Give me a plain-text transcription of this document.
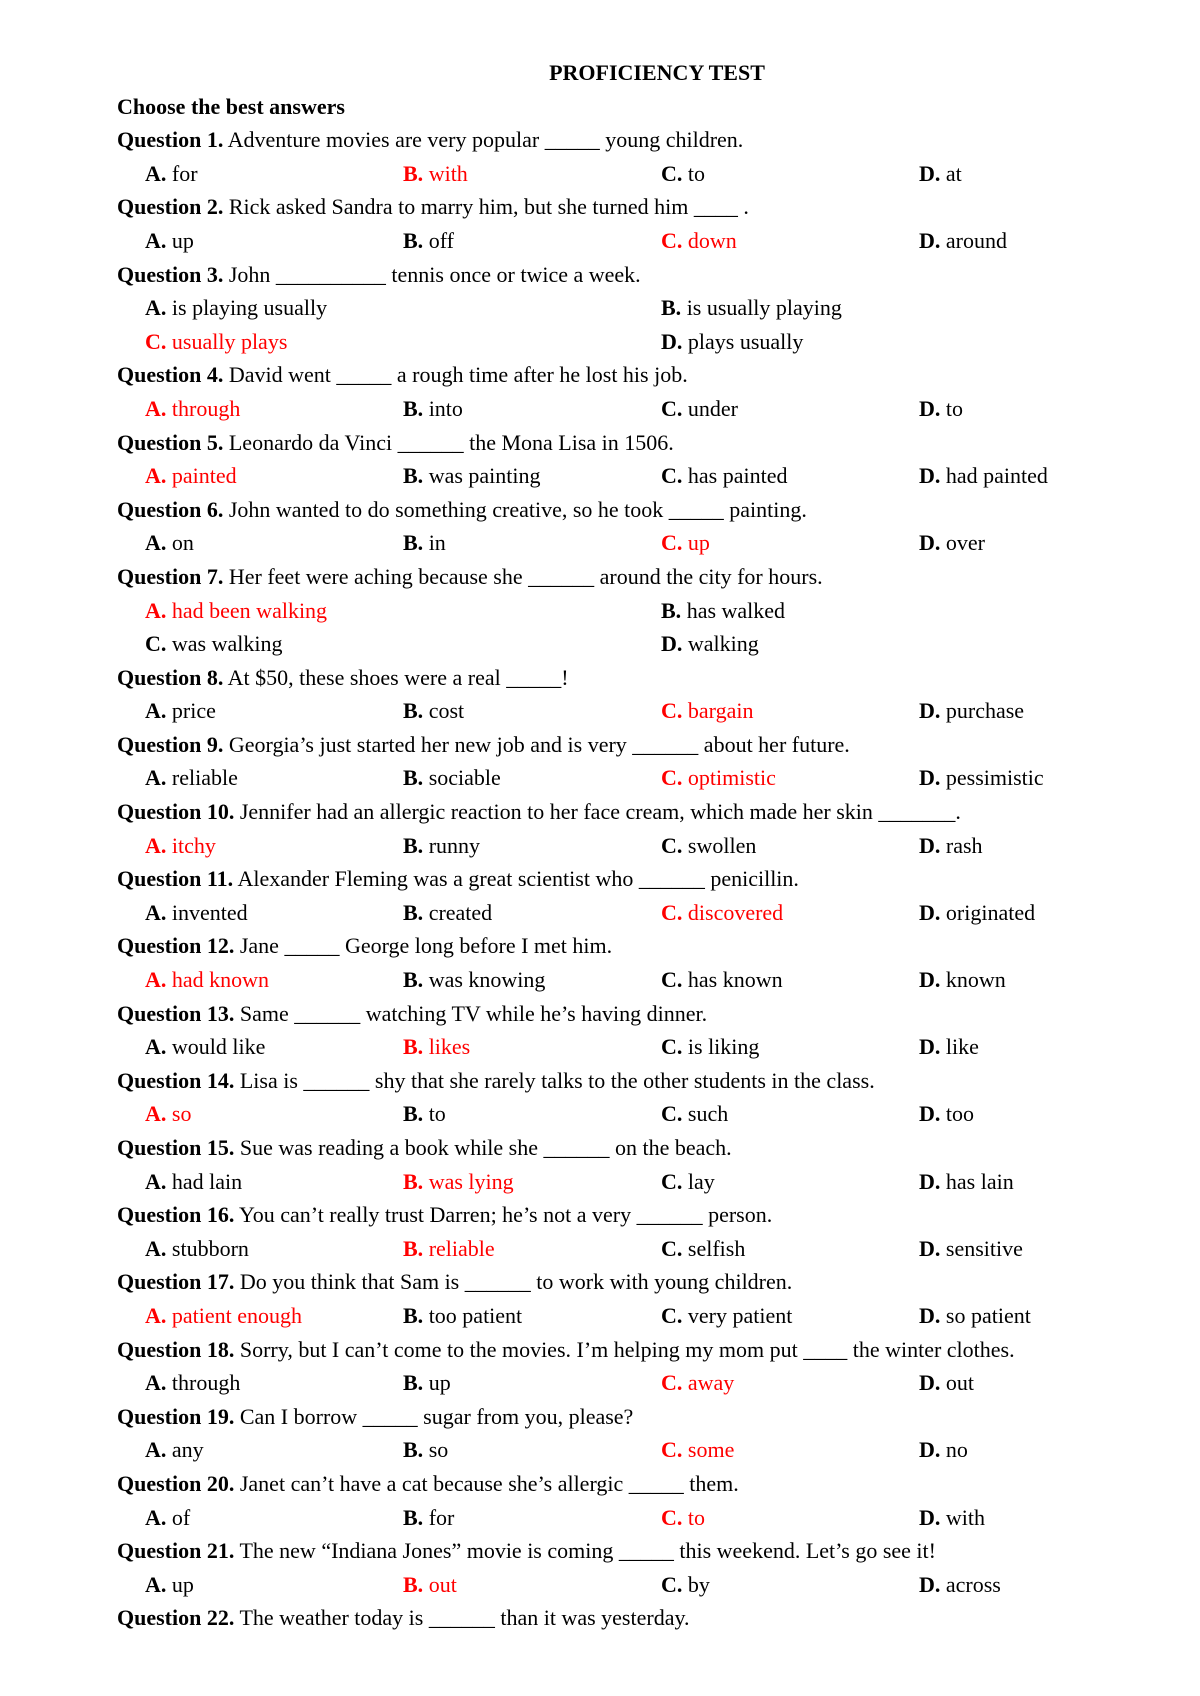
PROFICIENCY TEST
Choose the best answers
Question 1. Adventure movies are very popular _____ young children.
A. for	B. with	C. to	D. at
Question 2. Rick asked Sandra to marry him, but she turned him ____ .
A. up	B. off	C. down	D. around
Question 3. John __________ tennis once or twice a week.
A. is playing usually	B. is usually playing
C. usually plays	D. plays usually
Question 4. David went _____ a rough time after he lost his job.
A. through	B. into	C. under	D. to
Question 5. Leonardo da Vinci ______ the Mona Lisa in 1506.
A. painted	B. was painting	C. has painted	D. had painted
Question 6. John wanted to do something creative, so he took _____ painting.
A. on	B. in	C. up	D. over
Question 7. Her feet were aching because she ______ around the city for hours.
A. had been walking	B. has walked
C. was walking	D. walking
Question 8. At $50, these shoes were a real _____!
A. price	B. cost	C. bargain	D. purchase
Question 9. Georgia’s just started her new job and is very ______ about her future.
A. reliable	B. sociable	C. optimistic	D. pessimistic
Question 10. Jennifer had an allergic reaction to her face cream, which made her skin _______.
A. itchy	B. runny	C. swollen	D. rash
Question 11. Alexander Fleming was a great scientist who ______ penicillin.
A. invented	B. created	C. discovered	D. originated
Question 12. Jane _____ George long before I met him.
A. had known	B. was knowing	C. has known	D. known
Question 13. Same ______ watching TV while he’s having dinner.
A. would like	B. likes	C. is liking	D. like
Question 14. Lisa is ______ shy that she rarely talks to the other students in the class.
A. so	B. to	C. such	D. too
Question 15. Sue was reading a book while she ______ on the beach.
A. had lain	B. was lying	C. lay	D. has lain
Question 16. You can’t really trust Darren; he’s not a very ______ person.
A. stubborn	B. reliable	C. selfish	D. sensitive
Question 17. Do you think that Sam is ______ to work with young children.
A. patient enough	B. too patient	C. very patient	D. so patient
Question 18. Sorry, but I can’t come to the movies. I’m helping my mom put ____ the winter clothes.
A. through	B. up	C. away	D. out
Question 19. Can I borrow _____ sugar from you, please?
A. any	B. so	C. some	D. no
Question 20. Janet can’t have a cat because she’s allergic _____ them.
A. of	B. for	C. to	D. with
Question 21. The new “Indiana Jones” movie is coming _____ this weekend. Let’s go see it!
A. up	B. out	C. by	D. across
Question 22. The weather today is ______ than it was yesterday.
